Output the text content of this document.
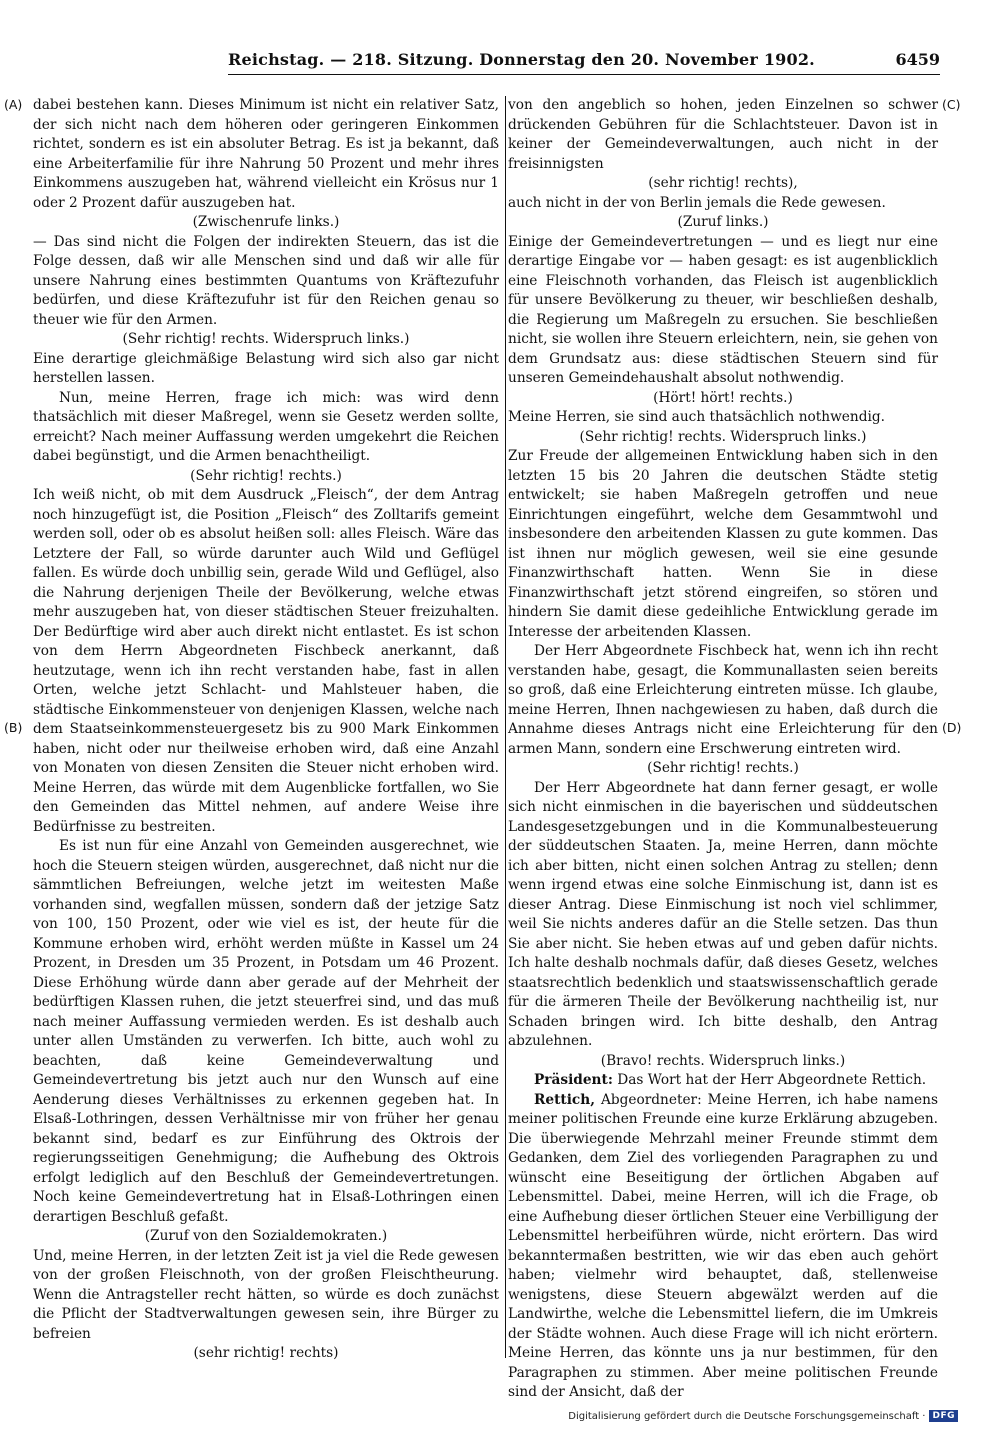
Reichstag. — 218. Sitzung. Donnerstag den 20. November 1902.	6459
(A)
(B)
(C)
(D)

dabei bestehen kann. Dieses Minimum ist nicht ein relativer Satz, der sich nicht nach dem höheren oder geringeren Einkommen richtet, sondern es ist ein absoluter Betrag. Es ist ja bekannt, daß eine Arbeiterfamilie für ihre Nahrung 50 Prozent und mehr ihres Einkommens auszugeben hat, während vielleicht ein Krösus nur 1 oder 2 Prozent dafür auszugeben hat.

(Zwischenrufe links.)

— Das sind nicht die Folgen der indirekten Steuern, das ist die Folge dessen, daß wir alle Menschen sind und daß wir alle für unsere Nahrung eines bestimmten Quantums von Kräftezufuhr bedürfen, und diese Kräftezufuhr ist für den Reichen genau so theuer wie für den Armen.

(Sehr richtig! rechts. Widerspruch links.)

Eine derartige gleichmäßige Belastung wird sich also gar nicht herstellen lassen.

Nun, meine Herren, frage ich mich: was wird denn thatsächlich mit dieser Maßregel, wenn sie Gesetz werden sollte, erreicht? Nach meiner Auffassung werden umgekehrt die Reichen dabei begünstigt, und die Armen benachtheiligt.

(Sehr richtig! rechts.)

Ich weiß nicht, ob mit dem Ausdruck „Fleisch“, der dem Antrag noch hinzugefügt ist, die Position „Fleisch“ des Zolltarifs gemeint werden soll, oder ob es absolut heißen soll: alles Fleisch. Wäre das Letztere der Fall, so würde darunter auch Wild und Geflügel fallen. Es würde doch unbillig sein, gerade Wild und Geflügel, also die Nahrung derjenigen Theile der Bevölkerung, welche etwas mehr auszugeben hat, von dieser städtischen Steuer freizuhalten. Der Bedürftige wird aber auch direkt nicht entlastet. Es ist schon von dem Herrn Abgeordneten Fischbeck anerkannt, daß heutzutage, wenn ich ihn recht verstanden habe, fast in allen Orten, welche jetzt Schlacht- und Mahlsteuer haben, die städtische Einkommensteuer von denjenigen Klassen, welche nach dem Staatseinkommensteuergesetz bis zu 900 Mark Einkommen haben, nicht oder nur theilweise erhoben wird, daß eine Anzahl von Monaten von diesen Zensiten die Steuer nicht erhoben wird. Meine Herren, das würde mit dem Augenblicke fortfallen, wo Sie den Gemeinden das Mittel nehmen, auf andere Weise ihre Bedürfnisse zu bestreiten.

Es ist nun für eine Anzahl von Gemeinden ausgerechnet, wie hoch die Steuern steigen würden, ausgerechnet, daß nicht nur die sämmtlichen Befreiungen, welche jetzt im weitesten Maße vorhanden sind, wegfallen müssen, sondern daß der jetzige Satz von 100, 150 Prozent, oder wie viel es ist, der heute für die Kommune erhoben wird, erhöht werden müßte in Kassel um 24 Prozent, in Dresden um 35 Prozent, in Potsdam um 46 Prozent. Diese Erhöhung würde dann aber gerade auf der Mehrheit der bedürftigen Klassen ruhen, die jetzt steuerfrei sind, und das muß nach meiner Auffassung vermieden werden. Es ist deshalb auch unter allen Umständen zu verwerfen. Ich bitte, auch wohl zu beachten, daß keine Gemeindeverwaltung und Gemeindevertretung bis jetzt auch nur den Wunsch auf eine Aenderung dieses Verhältnisses zu erkennen gegeben hat. In Elsaß-Lothringen, dessen Verhältnisse mir von früher her genau bekannt sind, bedarf es zur Einführung des Oktrois der regierungsseitigen Genehmigung; die Aufhebung des Oktrois erfolgt lediglich auf den Beschluß der Gemeindevertretungen. Noch keine Gemeindevertretung hat in Elsaß-Lothringen einen derartigen Beschluß gefaßt.

(Zuruf von den Sozialdemokraten.)

Und, meine Herren, in der letzten Zeit ist ja viel die Rede gewesen von der großen Fleischnoth, von der großen Fleischtheurung. Wenn die Antragsteller recht hätten, so würde es doch zunächst die Pflicht der Stadtverwaltungen gewesen sein, ihre Bürger zu befreien

(sehr richtig! rechts)

von den angeblich so hohen, jeden Einzelnen so schwer drückenden Gebühren für die Schlachtsteuer. Davon ist in keiner der Gemeindeverwaltungen, auch nicht in der freisinnigsten

(sehr richtig! rechts),

auch nicht in der von Berlin jemals die Rede gewesen.

(Zuruf links.)

Einige der Gemeindevertretungen — und es liegt nur eine derartige Eingabe vor — haben gesagt: es ist augenblicklich eine Fleischnoth vorhanden, das Fleisch ist augenblicklich für unsere Bevölkerung zu theuer, wir beschließen deshalb, die Regierung um Maßregeln zu ersuchen. Sie beschließen nicht, sie wollen ihre Steuern erleichtern, nein, sie gehen von dem Grundsatz aus: diese städtischen Steuern sind für unseren Gemeindehaushalt absolut nothwendig.

(Hört! hört! rechts.)

Meine Herren, sie sind auch thatsächlich nothwendig.

(Sehr richtig! rechts. Widerspruch links.)

Zur Freude der allgemeinen Entwicklung haben sich in den letzten 15 bis 20 Jahren die deutschen Städte stetig entwickelt; sie haben Maßregeln getroffen und neue Einrichtungen eingeführt, welche dem Gesammtwohl und insbesondere den arbeitenden Klassen zu gute kommen. Das ist ihnen nur möglich gewesen, weil sie eine gesunde Finanzwirthschaft hatten. Wenn Sie in diese Finanzwirthschaft jetzt störend eingreifen, so stören und hindern Sie damit diese gedeihliche Entwicklung gerade im Interesse der arbeitenden Klassen.

Der Herr Abgeordnete Fischbeck hat, wenn ich ihn recht verstanden habe, gesagt, die Kommunallasten seien bereits so groß, daß eine Erleichterung eintreten müsse. Ich glaube, meine Herren, Ihnen nachgewiesen zu haben, daß durch die Annahme dieses Antrags nicht eine Erleichterung für den armen Mann, sondern eine Erschwerung eintreten wird.

(Sehr richtig! rechts.)

Der Herr Abgeordnete hat dann ferner gesagt, er wolle sich nicht einmischen in die bayerischen und süddeutschen Landesgesetzgebungen und in die Kommunalbesteuerung der süddeutschen Staaten. Ja, meine Herren, dann möchte ich aber bitten, nicht einen solchen Antrag zu stellen; denn wenn irgend etwas eine solche Einmischung ist, dann ist es dieser Antrag. Diese Einmischung ist noch viel schlimmer, weil Sie nichts anderes dafür an die Stelle setzen. Das thun Sie aber nicht. Sie heben etwas auf und geben dafür nichts. Ich halte deshalb nochmals dafür, daß dieses Gesetz, welches staatsrechtlich bedenklich und staatswissenschaftlich gerade für die ärmeren Theile der Bevölkerung nachtheilig ist, nur Schaden bringen wird. Ich bitte deshalb, den Antrag abzulehnen.

(Bravo! rechts. Widerspruch links.)

Präsident: Das Wort hat der Herr Abgeordnete Rettich.

Rettich, Abgeordneter: Meine Herren, ich habe namens meiner politischen Freunde eine kurze Erklärung abzugeben. Die überwiegende Mehrzahl meiner Freunde stimmt dem Gedanken, dem Ziel des vorliegenden Paragraphen zu und wünscht eine Beseitigung der örtlichen Abgaben auf Lebensmittel. Dabei, meine Herren, will ich die Frage, ob eine Aufhebung dieser örtlichen Steuer eine Verbilligung der Lebensmittel herbeiführen würde, nicht erörtern. Das wird bekanntermaßen bestritten, wie wir das eben auch gehört haben; vielmehr wird behauptet, daß, stellenweise wenigstens, diese Steuern abgewälzt werden auf die Landwirthe, welche die Lebensmittel liefern, die im Umkreis der Städte wohnen. Auch diese Frage will ich nicht erörtern. Meine Herren, das könnte uns ja nur bestimmen, für den Paragraphen zu stimmen. Aber meine politischen Freunde sind der Ansicht, daß der

Digitalisierung gefördert durch die Deutsche Forschungsgemeinschaft · DFG
